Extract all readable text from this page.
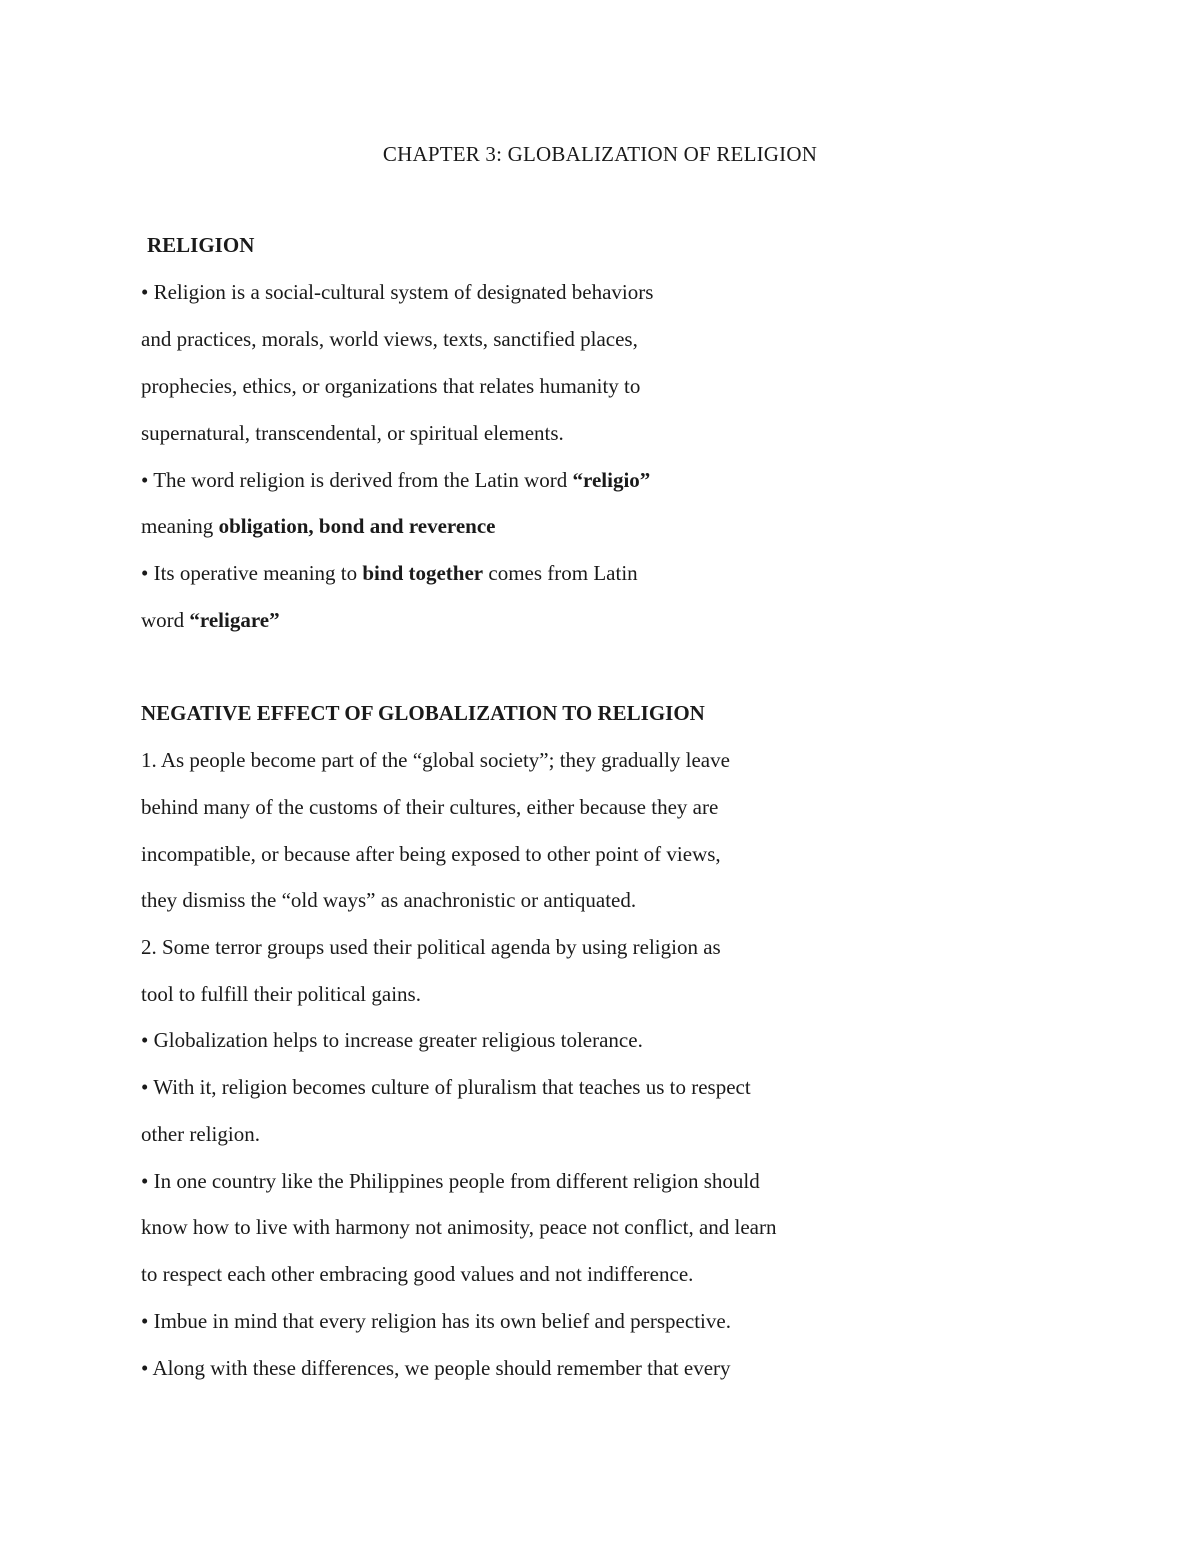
CHAPTER 3: GLOBALIZATION OF RELIGION
RELIGION
• Religion is a social-cultural system of designated behaviors
and practices, morals, world views, texts, sanctified places,
prophecies, ethics, or organizations that relates humanity to
supernatural, transcendental, or spiritual elements.
• The word religion is derived from the Latin word “religio”
meaning obligation, bond and reverence
• Its operative meaning to bind together comes from Latin
word “religare”
NEGATIVE EFFECT OF GLOBALIZATION TO RELIGION
1. As people become part of the “global society”; they gradually leave
behind many of the customs of their cultures, either because they are
incompatible, or because after being exposed to other point of views,
they dismiss the “old ways” as anachronistic or antiquated.
2. Some terror groups used their political agenda by using religion as
tool to fulfill their political gains.
• Globalization helps to increase greater religious tolerance.
• With it, religion becomes culture of pluralism that teaches us to respect
other religion.
• In one country like the Philippines people from different religion should
know how to live with harmony not animosity, peace not conflict, and learn
to respect each other embracing good values and not indifference.
• Imbue in mind that every religion has its own belief and perspective.
• Along with these differences, we people should remember that every
